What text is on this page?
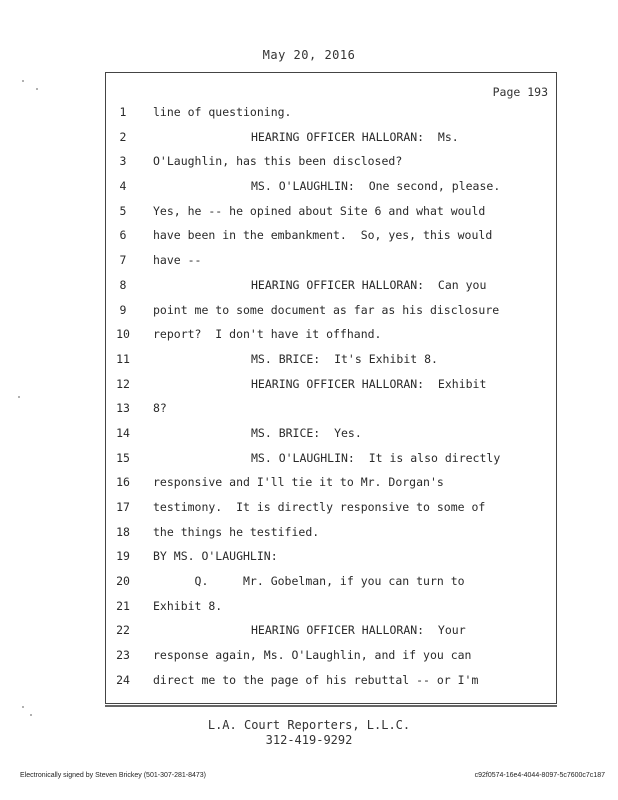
May 20, 2016
Page 193
1	line of questioning.
2	HEARING OFFICER HALLORAN:  Ms.
3	O'Laughlin, has this been disclosed?
4	MS. O'LAUGHLIN:  One second, please.
5	Yes, he -- he opined about Site 6 and what would
6	have been in the embankment.  So, yes, this would
7	have --
8	HEARING OFFICER HALLORAN:  Can you
9	point me to some document as far as his disclosure
10	report?  I don't have it offhand.
11	MS. BRICE:  It's Exhibit 8.
12	HEARING OFFICER HALLORAN:  Exhibit
13	8?
14	MS. BRICE:  Yes.
15	MS. O'LAUGHLIN:  It is also directly
16	responsive and I'll tie it to Mr. Dorgan's
17	testimony.  It is directly responsive to some of
18	the things he testified.
19	BY MS. O'LAUGHLIN:
20	Q.     Mr. Gobelman, if you can turn to
21	Exhibit 8.
22	HEARING OFFICER HALLORAN:  Your
23	response again, Ms. O'Laughlin, and if you can
24	direct me to the page of his rebuttal -- or I'm
L.A. Court Reporters, L.L.C.
312-419-9292
Electronically signed by Steven Brickey (501-307-281-8473)	c92f0574-16e4-4044-8097-5c7600c7c187
